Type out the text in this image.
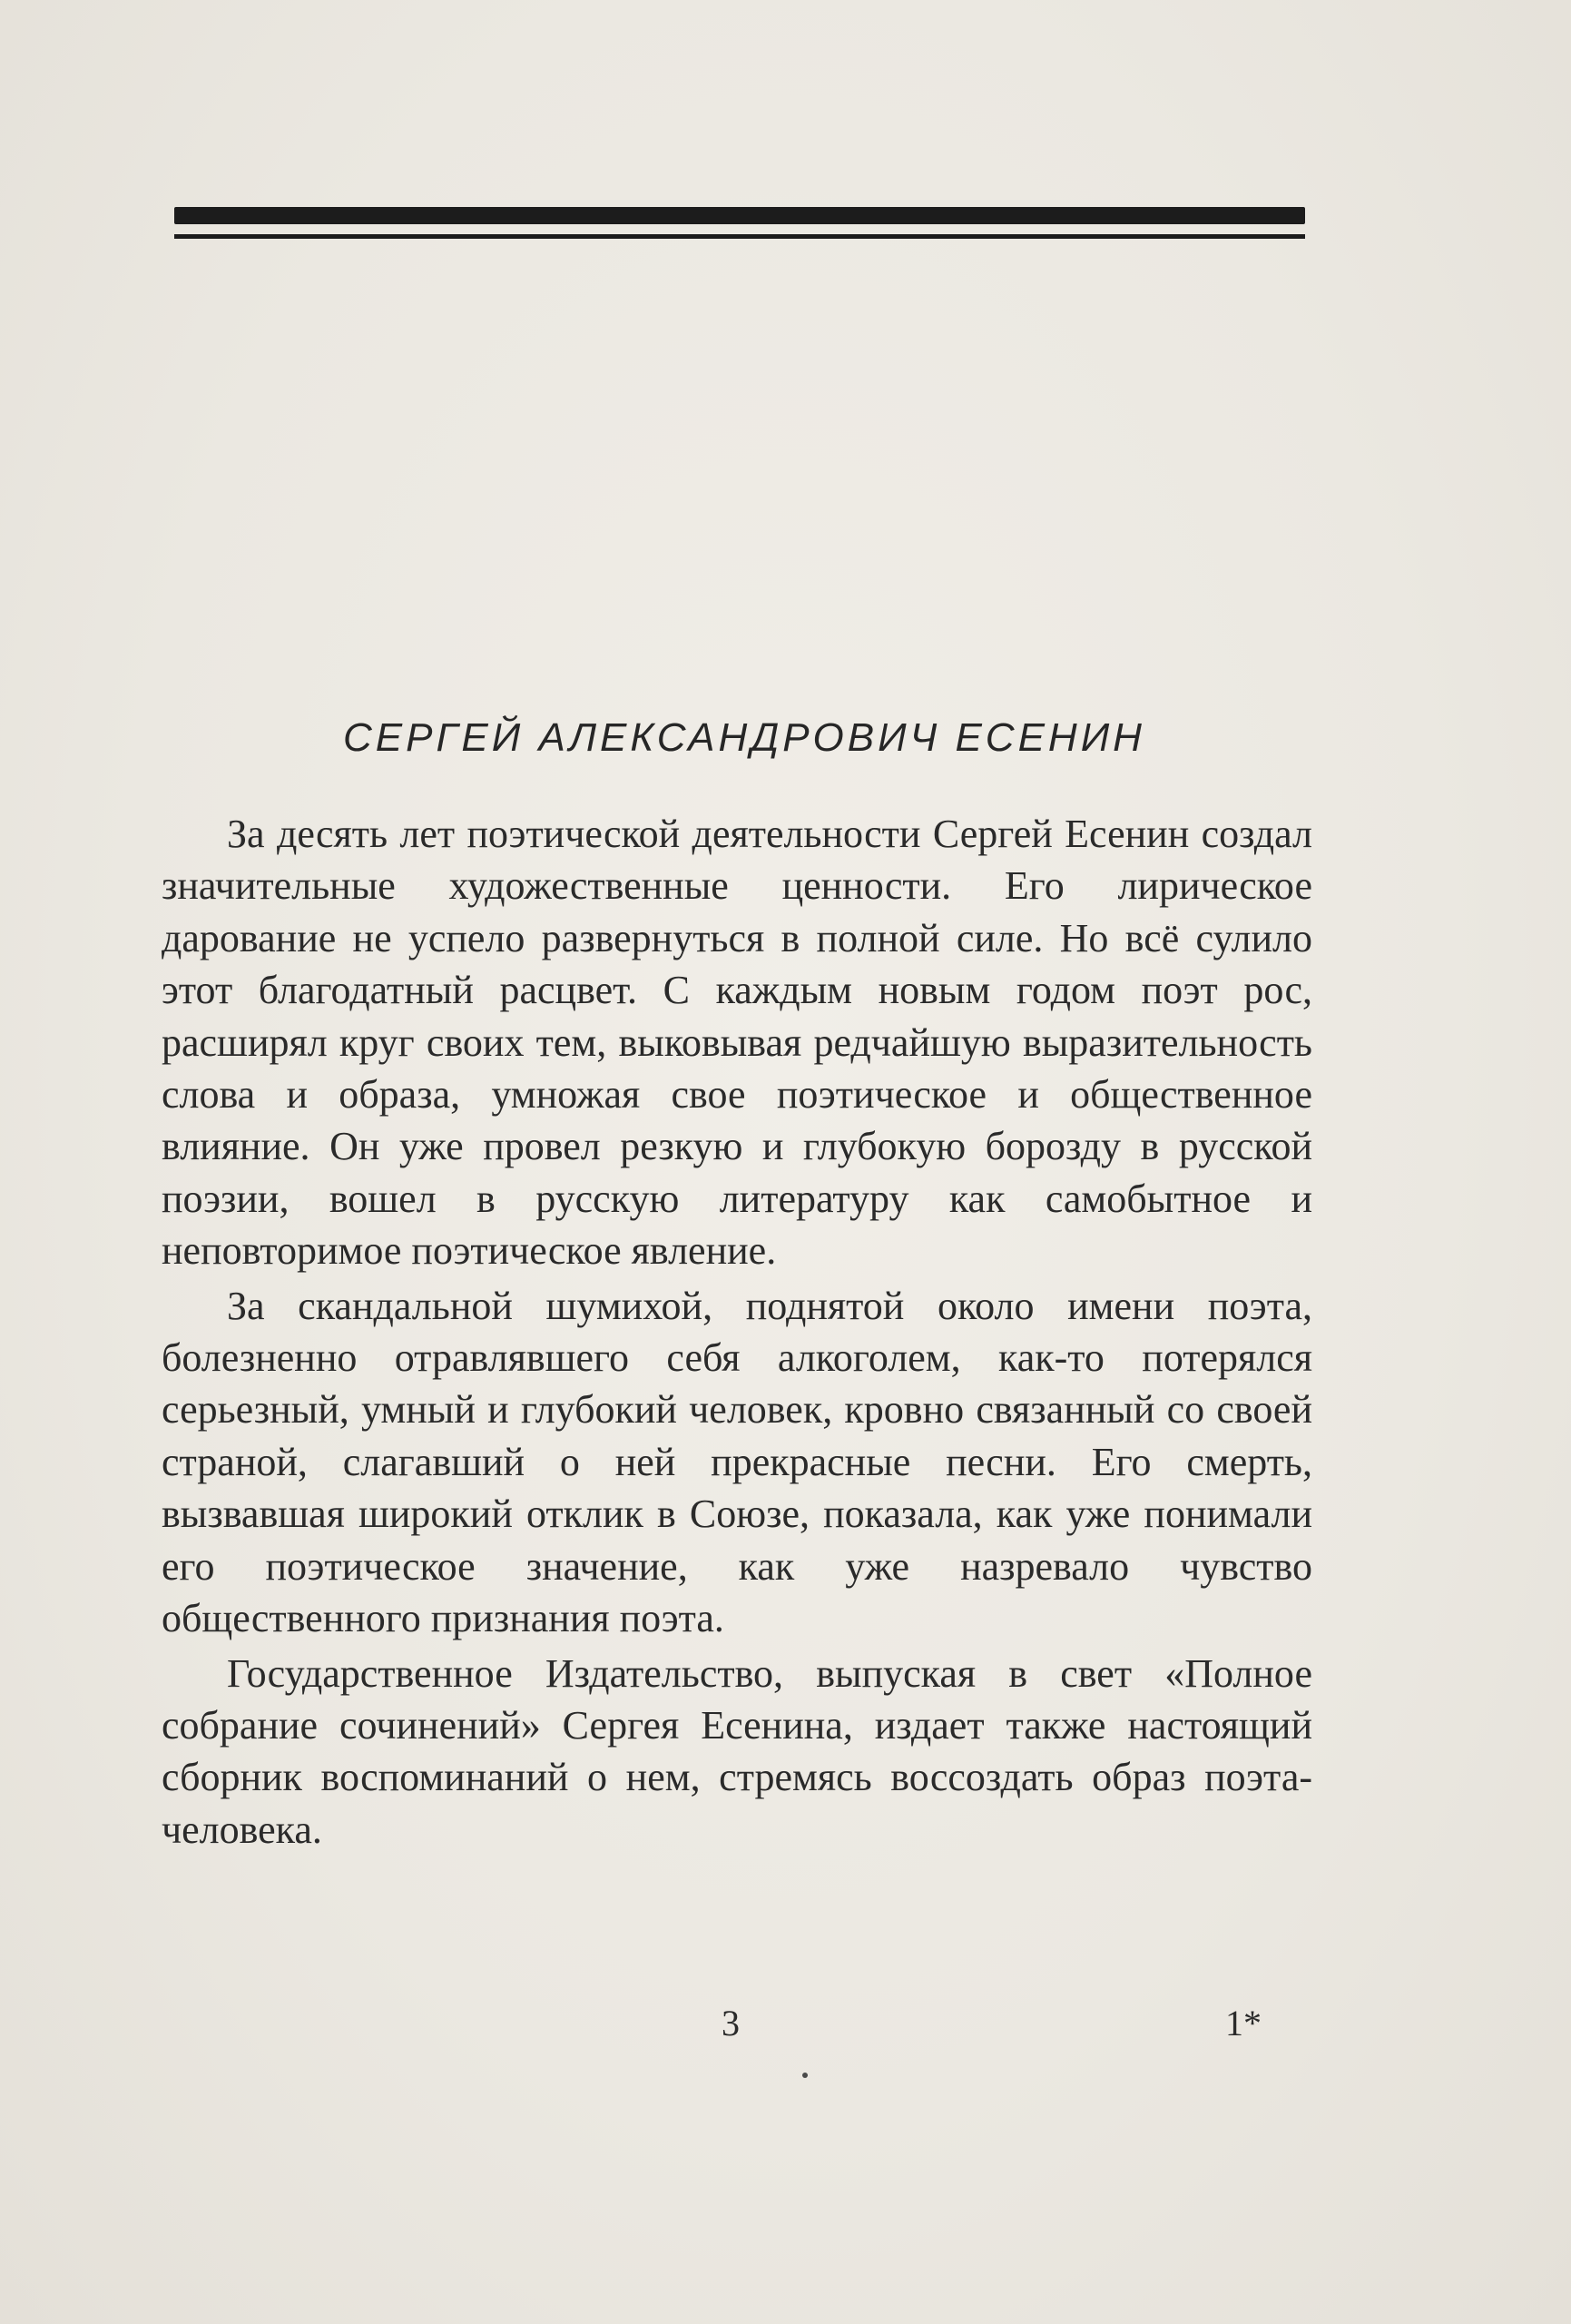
СЕРГЕЙ АЛЕКСАНДРОВИЧ ЕСЕНИН

За десять лет поэтической деятельности Сергей Есенин создал значительные художественные ценности. Его лирическое дарование не успело развернуться в полной силе. Но всё сулило этот благодатный расцвет. С каждым новым годом поэт рос, расширял круг своих тем, выковывая редчайшую выразительность слова и образа, умножая свое поэтическое и общественное влияние. Он уже провел резкую и глубокую борозду в русской поэзии, вошел в русскую литературу как самобытное и неповторимое поэтическое явление.

За скандальной шумихой, поднятой около имени поэта, болезненно отравлявшего себя алкоголем, как-то потерялся серьезный, умный и глубокий человек, кровно связанный со своей страной, слагавший о ней прекрасные песни. Его смерть, вызвавшая широкий отклик в Союзе, показала, как уже понимали его поэтическое значение, как уже назревало чувство общественного признания поэта.

Государственное Издательство, выпуская в свет «Полное собрание сочинений» Сергея Есенина, издает также настоящий сборник воспоминаний о нем, стремясь воссоздать образ поэта-человека.

3	1*
